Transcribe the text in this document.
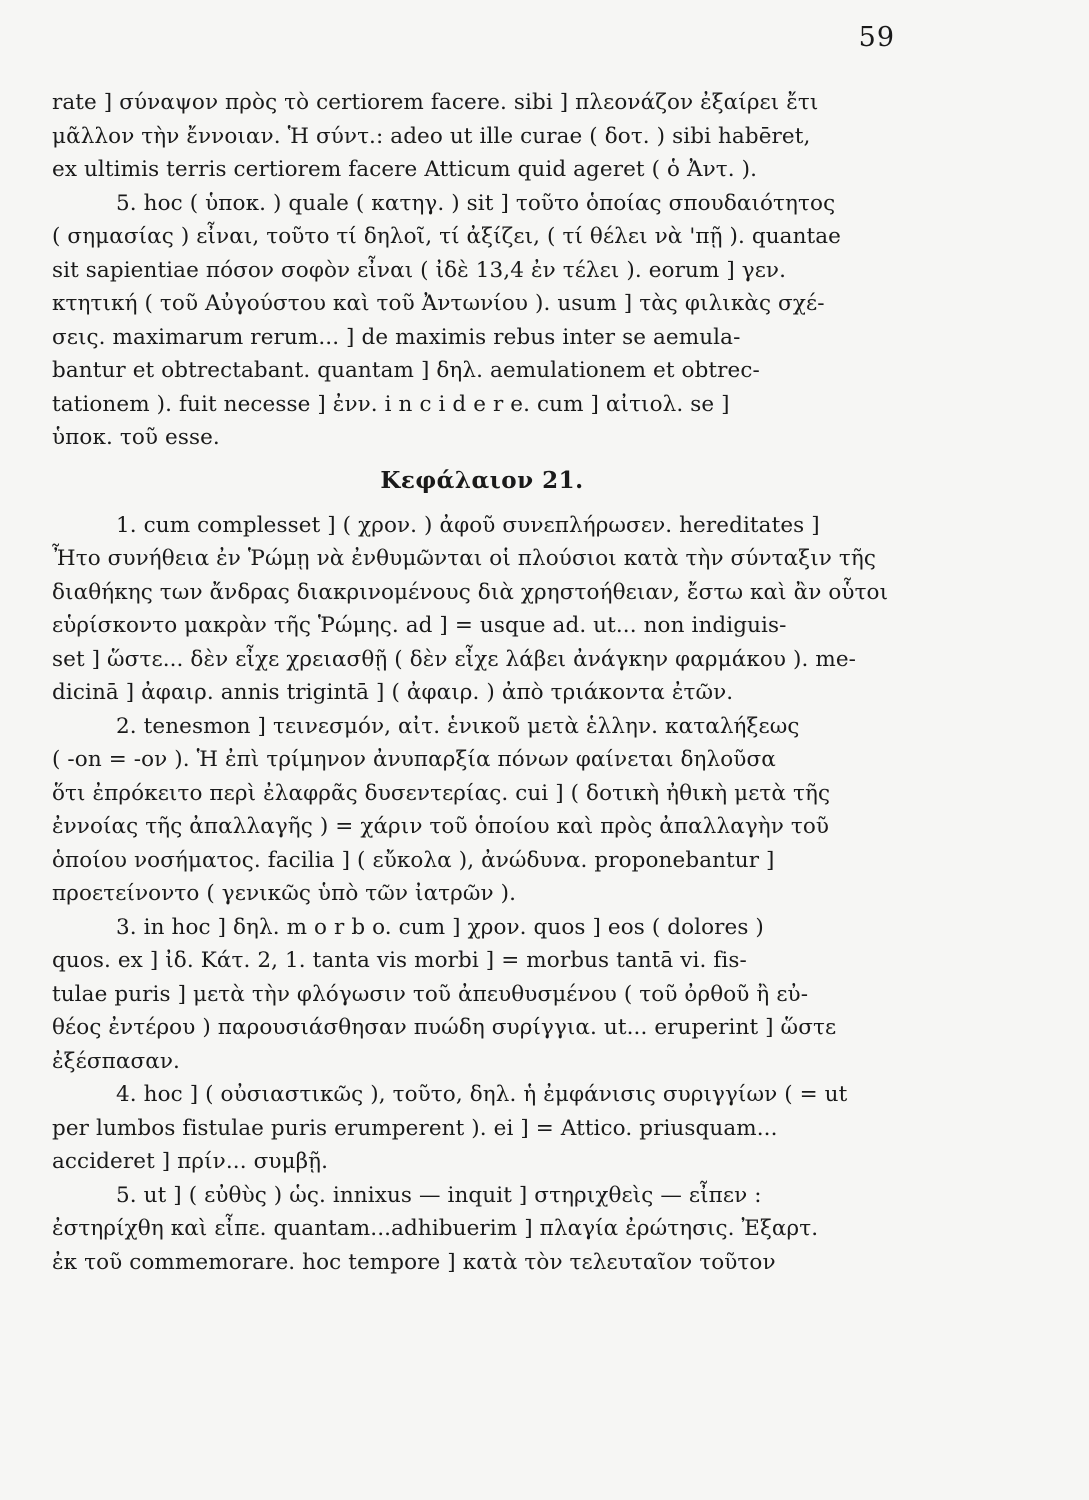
59
rate ] σύναψον πρὸς τὸ certiorem facere. sibi ] πλεονάζον ἐξαίρει ἔτι
μᾶλλον τὴν ἔννοιαν. Ἡ σύντ.: adeo ut ille curae ( δοτ. ) sibi habēret,
ex ultimis terris certiorem facere Atticum quid ageret ( ὁ Ἀντ. ).
5. hoc ( ὑποκ. ) quale ( κατηγ. ) sit ] τοῦτο ὁποίας σπουδαιότητος
( σημασίας ) εἶναι, τοῦτο τί δηλοῖ, τί ἀξίζει, ( τί θέλει νὰ 'πῇ ). quantae
sit sapientiae πόσον σοφὸν εἶναι ( ἰδὲ 13,4 ἐν τέλει ). eorum ] γεν.
κτητική ( τοῦ Αὐγούστου καὶ τοῦ Ἀντωνίου ). usum ] τὰς φιλικὰς σχέ-
σεις. maximarum rerum... ] de maximis rebus inter se aemula-
bantur et obtrectabant. quantam ] δηλ. aemulationem et obtrec-
tationem ). fuit necesse ] ἐνν. i n c i d e r e. cum ] αἰτιολ. se ]
ὑποκ. τοῦ esse.
Κεφάλαιον 21.
1. cum complesset ] ( χρον. ) ἀφοῦ συνεπλήρωσεν. hereditates ]
Ἦτο συνήθεια ἐν Ῥώμῃ νὰ ἐνθυμῶνται οἱ πλούσιοι κατὰ τὴν σύνταξιν τῆς
διαθήκης των ἄνδρας διακρινομένους διὰ χρηστοήθειαν, ἔστω καὶ ἂν οὗτοι
εὑρίσκοντο μακρὰν τῆς Ῥώμης. ad ] = usque ad. ut... non indiguis-
set ] ὥστε... δὲν εἶχε χρειασθῇ ( δὲν εἶχε λάβει ἀνάγκην φαρμάκου ). me-
dicinā ] ἀφαιρ. annis trigintā ] ( ἀφαιρ. ) ἀπὸ τριάκοντα ἐτῶν.
2. tenesmon ] τεινεσμόν, αἰτ. ἑνικοῦ μετὰ ἑλλην. καταλήξεως
( -on = -ον ). Ἡ ἐπὶ τρίμηνον ἀνυπαρξία πόνων φαίνεται δηλοῦσα
ὅτι ἐπρόκειτο περὶ ἐλαφρᾶς δυσεντερίας. cui ] ( δοτικὴ ἠθικὴ μετὰ τῆς
ἐννοίας τῆς ἀπαλλαγῆς ) = χάριν τοῦ ὁποίου καὶ πρὸς ἀπαλλαγὴν τοῦ
ὁποίου νοσήματος. facilia ] ( εὔκολα ), ἀνώδυνα. proponebantur ]
προετείνοντο ( γενικῶς ὑπὸ τῶν ἰατρῶν ).
3. in hoc ] δηλ. m o r b o. cum ] χρον. quos ] eos ( dolores )
quos. ex ] ἰδ. Κάτ. 2, 1. tanta vis morbi ] = morbus tantā vi. fis-
tulae puris ] μετὰ τὴν φλόγωσιν τοῦ ἀπευθυσμένου ( τοῦ ὀρθοῦ ἢ εὐ-
θέος ἐντέρου ) παρουσιάσθησαν πυώδη συρίγγια. ut... eruperint ] ὥστε
ἐξέσπασαν.
4. hoc ] ( οὐσιαστικῶς ), τοῦτο, δηλ. ἡ ἐμφάνισις συριγγίων ( = ut
per lumbos fistulae puris erumperent ). ei ] = Attico. priusquam...
accideret ] πρίν... συμβῇ.
5. ut ] ( εὐθὺς ) ὡς. innixus — inquit ] στηριχθεὶς — εἶπεν :
ἐστηρίχθη καὶ εἶπε. quantam...adhibuerim ] πλαγία ἐρώτησις. Ἐξαρτ.
ἐκ τοῦ commemorare. hoc tempore ] κατὰ τὸν τελευταῖον τοῦτον
